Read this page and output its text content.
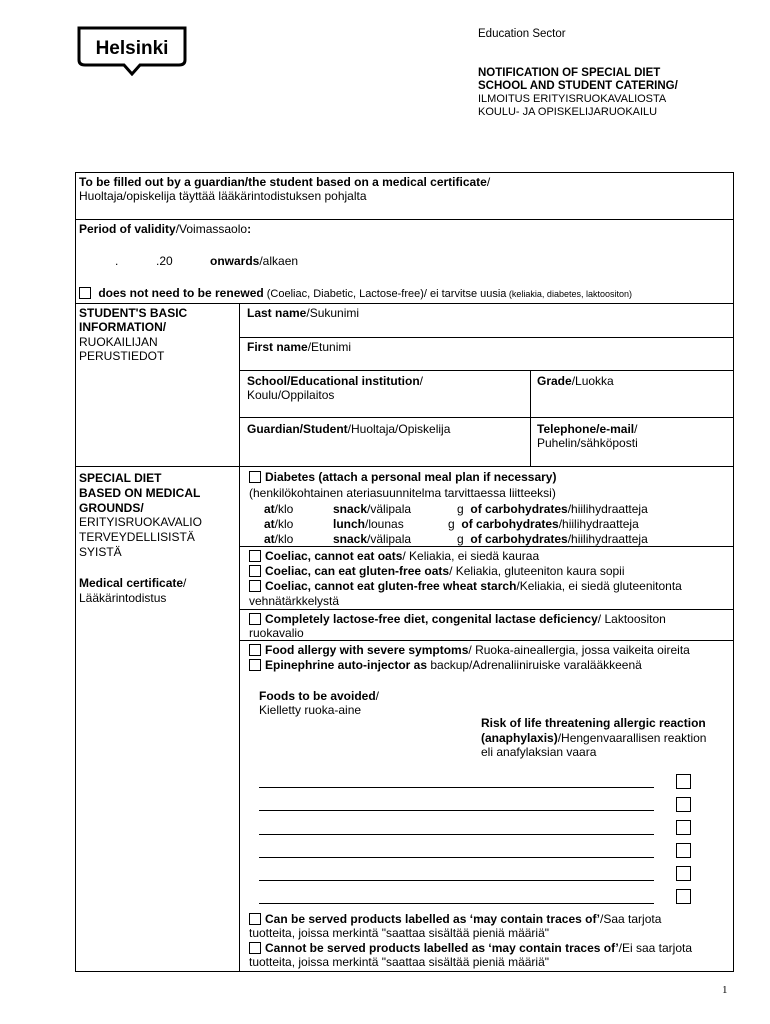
Helsinki
Education Sector
NOTIFICATION OF SPECIAL DIET
SCHOOL AND STUDENT CATERING/
ILMOITUS ERITYISRUOKAVALIOSTA
KOULU- JA OPISKELIJARUOKAILU
To be filled out by a guardian/the student based on a medical certificate/
Huoltaja/opiskelija täyttää lääkärintodistuksen pohjalta
Period of validity/Voimassaolo:
.	.20	onwards/alkaen
does not need to be renewed (Coeliac, Diabetic, Lactose-free)/ ei tarvitse uusia (keliakia, diabetes, laktoositon)
STUDENT'S BASIC
INFORMATION/
RUOKAILIJAN
PERUSTIEDOT
Last name/Sukunimi
First name/Etunimi
School/Educational institution/
Koulu/Oppilaitos
Grade/Luokka
Guardian/Student/Huoltaja/Opiskelija	Telephone/e-mail/
Puhelin/sähköposti
SPECIAL DIET
BASED ON MEDICAL
GROUNDS/
ERITYISRUOKAVALIO
TERVEYDELLISISTÄ
SYISTÄ
Medical certificate/
Lääkärintodistus
Diabetes (attach a personal meal plan if necessary)
(henkilökohtainen ateriasuunnitelma tarvittaessa liitteeksi)
at/klo	snack/välipala	g of carbohydrates/hiilihydraatteja
at/klo	lunch/lounas	g of carbohydrates/hiilihydraatteja
at/klo	snack/välipala	g of carbohydrates/hiilihydraatteja
Coeliac, cannot eat oats/ Keliakia, ei siedä kauraa
Coeliac, can eat gluten-free oats/ Keliakia, gluteeniton kaura sopii
Coeliac, cannot eat gluten-free wheat starch/Keliakia, ei siedä gluteenitonta
vehnätärkkelystä
Completely lactose-free diet, congenital lactase deficiency/ Laktoositon
ruokavalio
Food allergy with severe symptoms/ Ruoka-aineallergia, jossa vaikeita oireita
Epinephrine auto-injector as backup/Adrenaliiniruiske varalääkkeenä
Foods to be avoided/
Kielletty ruoka-aine
Risk of life threatening allergic reaction
(anaphylaxis)/Hengenvaarallisen reaktion
eli anafylaksian vaara
Can be served products labelled as ‘may contain traces of’/Saa tarjota
tuotteita, joissa merkintä "saattaa sisältää pieniä määriä"
Cannot be served products labelled as ‘may contain traces of’/Ei saa tarjota
tuotteita, joissa merkintä "saattaa sisältää pieniä määriä"
1
